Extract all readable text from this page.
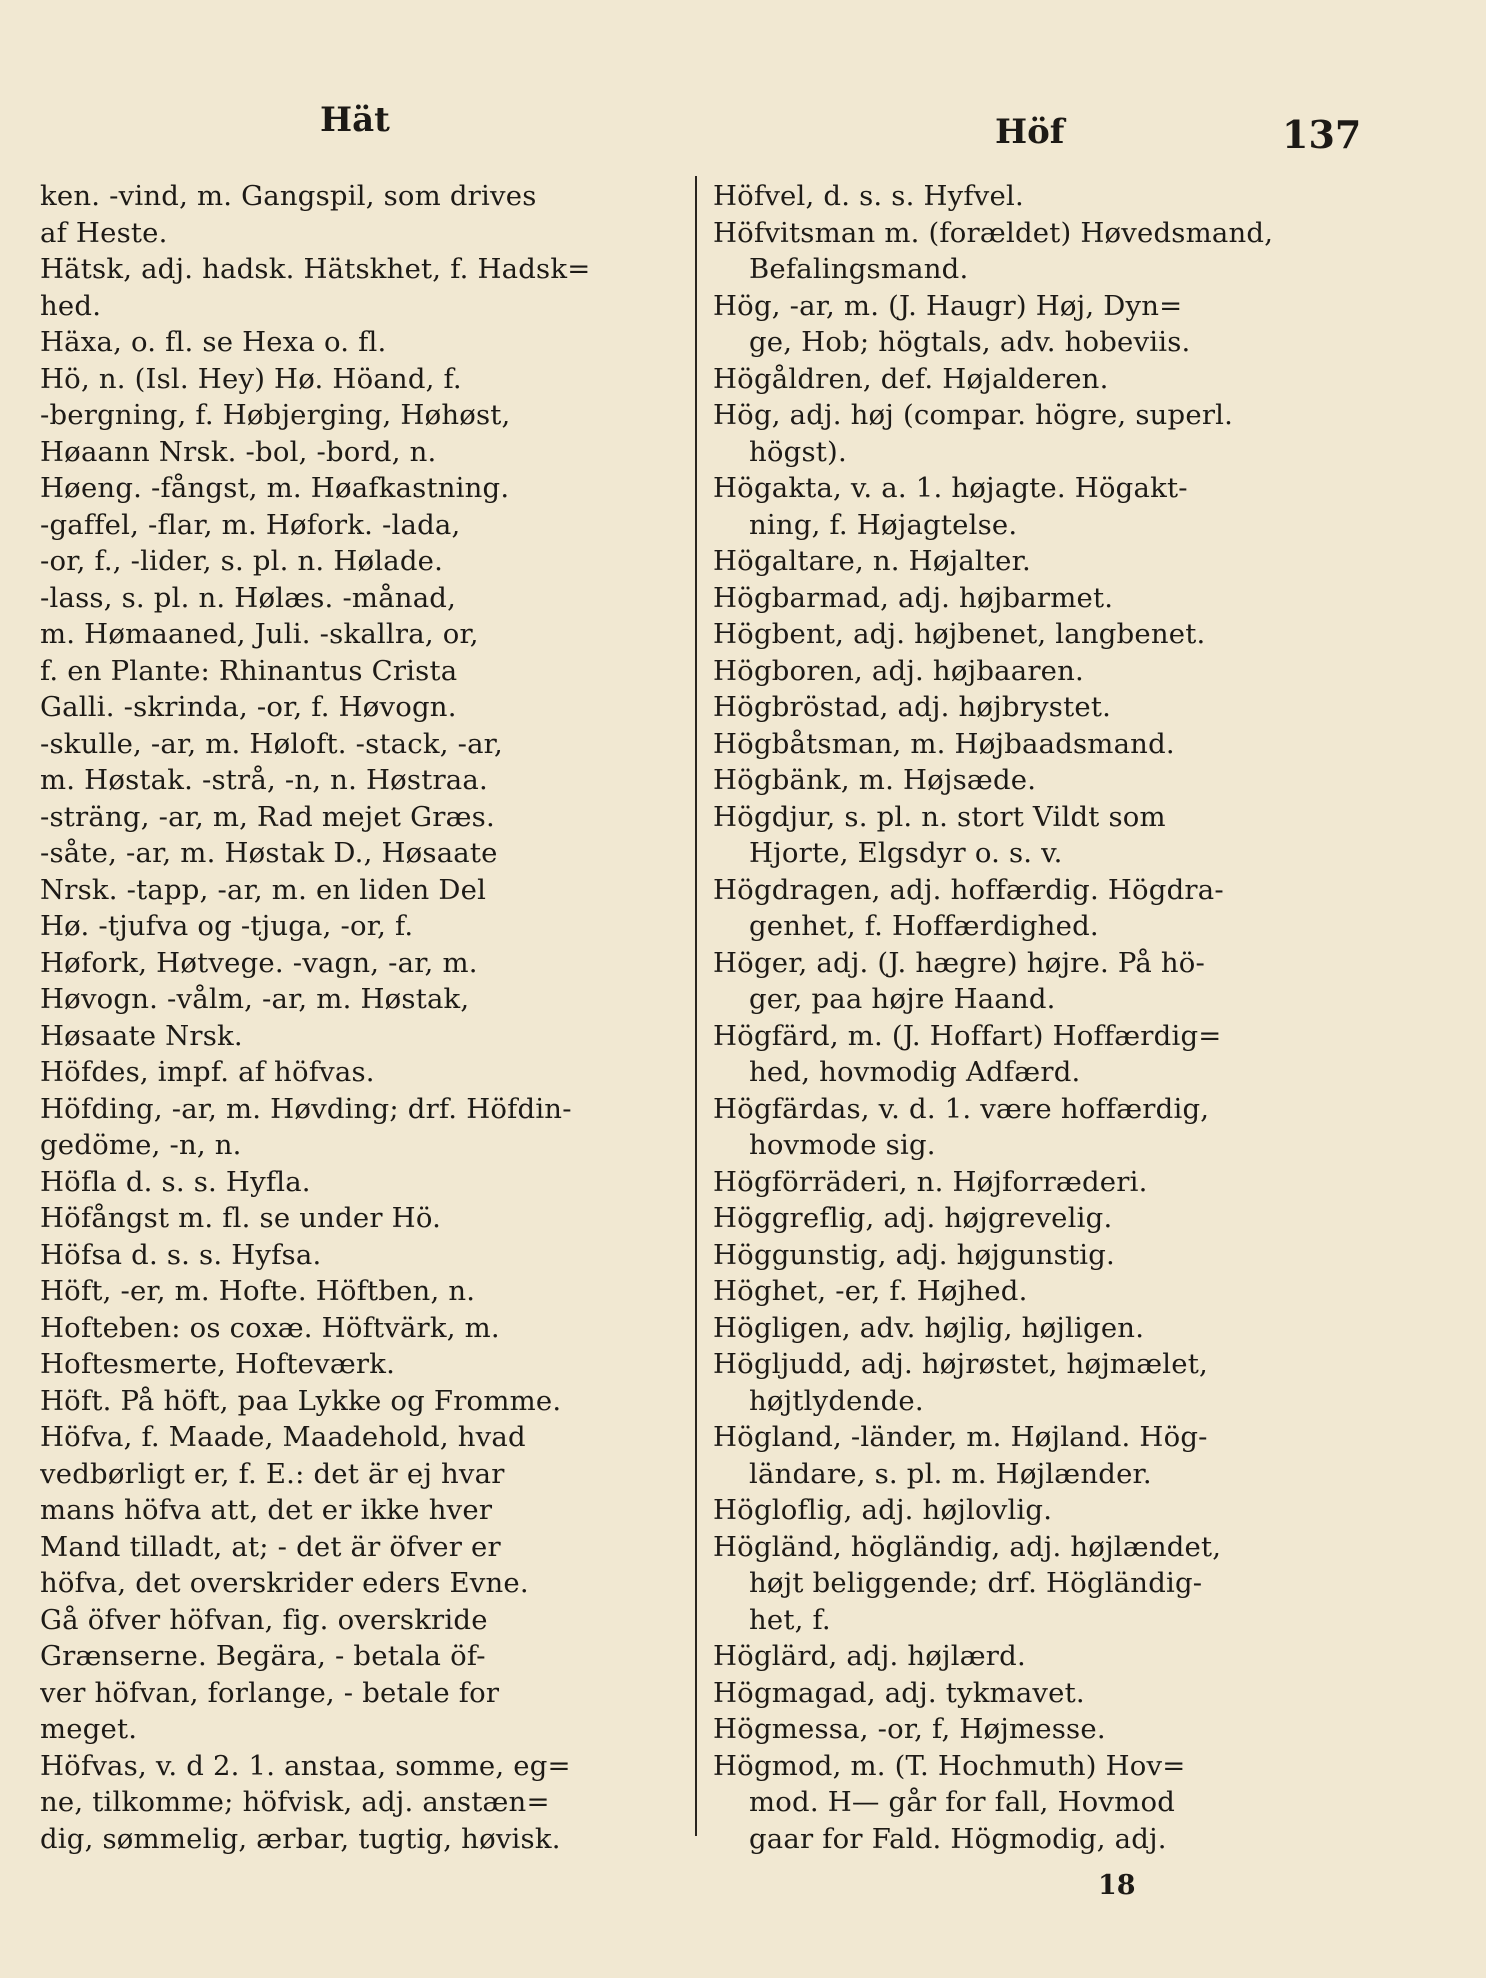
Hät	Höf	137
ken. -vind, m. Gangspil, som drives
af Heste.
Hätsk, adj. hadsk. Hätskhet, f. Hadsk=
hed.
Häxa, o. fl. se Hexa o. fl.
Hö, n. (Isl. Hey) Hø. Höand, f.
-bergning, f. Høbjerging, Høhøst,
Høaann Nrsk. -bol, -bord, n.
Høeng. -fångst, m. Høafkastning.
-gaffel, -flar, m. Høfork. -lada,
-or, f., -lider, s. pl. n. Hølade.
-lass, s. pl. n. Hølæs. -månad,
m. Hømaaned, Juli. -skallra, or,
f. en Plante: Rhinantus Crista
Galli. -skrinda, -or, f. Høvogn.
-skulle, -ar, m. Høloft. -stack, -ar,
m. Høstak. -strå, -n, n. Høstraa.
-sträng, -ar, m, Rad mejet Græs.
-såte, -ar, m. Høstak D., Høsaate
Nrsk. -tapp, -ar, m. en liden Del
Hø. -tjufva og -tjuga, -or, f.
Høfork, Høtvege. -vagn, -ar, m.
Høvogn. -vålm, -ar, m. Høstak,
Høsaate Nrsk.
Höfdes, impf. af höfvas.
Höfding, -ar, m. Høvding; drf. Höfdin-
gedöme, -n, n.
Höfla d. s. s. Hyfla.
Höfångst m. fl. se under Hö.
Höfsa d. s. s. Hyfsa.
Höft, -er, m. Hofte. Höftben, n.
Hofteben: os coxæ. Höftvärk, m.
Hoftesmerte, Hofteværk.
Höft. På höft, paa Lykke og Fromme.
Höfva, f. Maade, Maadehold, hvad
vedbørligt er, f. E.: det är ej hvar
mans höfva att, det er ikke hver
Mand tilladt, at; - det är öfver er
höfva, det overskrider eders Evne.
Gå öfver höfvan, fig. overskride
Grænserne. Begära, - betala öf-
ver höfvan, forlange, - betale for
meget.
Höfvas, v. d 2. 1. anstaa, somme, eg=
ne, tilkomme; höfvisk, adj. anstæn=
dig, sømmelig, ærbar, tugtig, høvisk.
Höfvel, d. s. s. Hyfvel.
Höfvitsman m. (forældet) Høvedsmand,
Befalingsmand.
Hög, -ar, m. (J. Haugr) Høj, Dyn=
ge, Hob; högtals, adv. hobeviis.
Högåldren, def. Højalderen.
Hög, adj. høj (compar. högre, superl.
högst).
Högakta, v. a. 1. højagte. Högakt-
ning, f. Højagtelse.
Högaltare, n. Højalter.
Högbarmad, adj. højbarmet.
Högbent, adj. højbenet, langbenet.
Högboren, adj. højbaaren.
Högbröstad, adj. højbrystet.
Högbåtsman, m. Højbaadsmand.
Högbänk, m. Højsæde.
Högdjur, s. pl. n. stort Vildt som
Hjorte, Elgsdyr o. s. v.
Högdragen, adj. hoffærdig. Högdra-
genhet, f. Hoffærdighed.
Höger, adj. (J. hægre) højre. På hö-
ger, paa højre Haand.
Högfärd, m. (J. Hoffart) Hoffærdig=
hed, hovmodig Adfærd.
Högfärdas, v. d. 1. være hoffærdig,
hovmode sig.
Högförräderi, n. Højforræderi.
Höggreflig, adj. højgrevelig.
Höggunstig, adj. højgunstig.
Höghet, -er, f. Højhed.
Högligen, adv. højlig, højligen.
Högljudd, adj. højrøstet, højmælet,
højtlydende.
Högland, -länder, m. Højland. Hög-
ländare, s. pl. m. Højlænder.
Högloflig, adj. højlovlig.
Högländ, högländig, adj. højlændet,
højt beliggende; drf. Högländig-
het, f.
Höglärd, adj. højlærd.
Högmagad, adj. tykmavet.
Högmessa, -or, f, Højmesse.
Högmod, m. (T. Hochmuth) Hov=
mod. H— går for fall, Hovmod
gaar for Fald. Högmodig, adj.
18
